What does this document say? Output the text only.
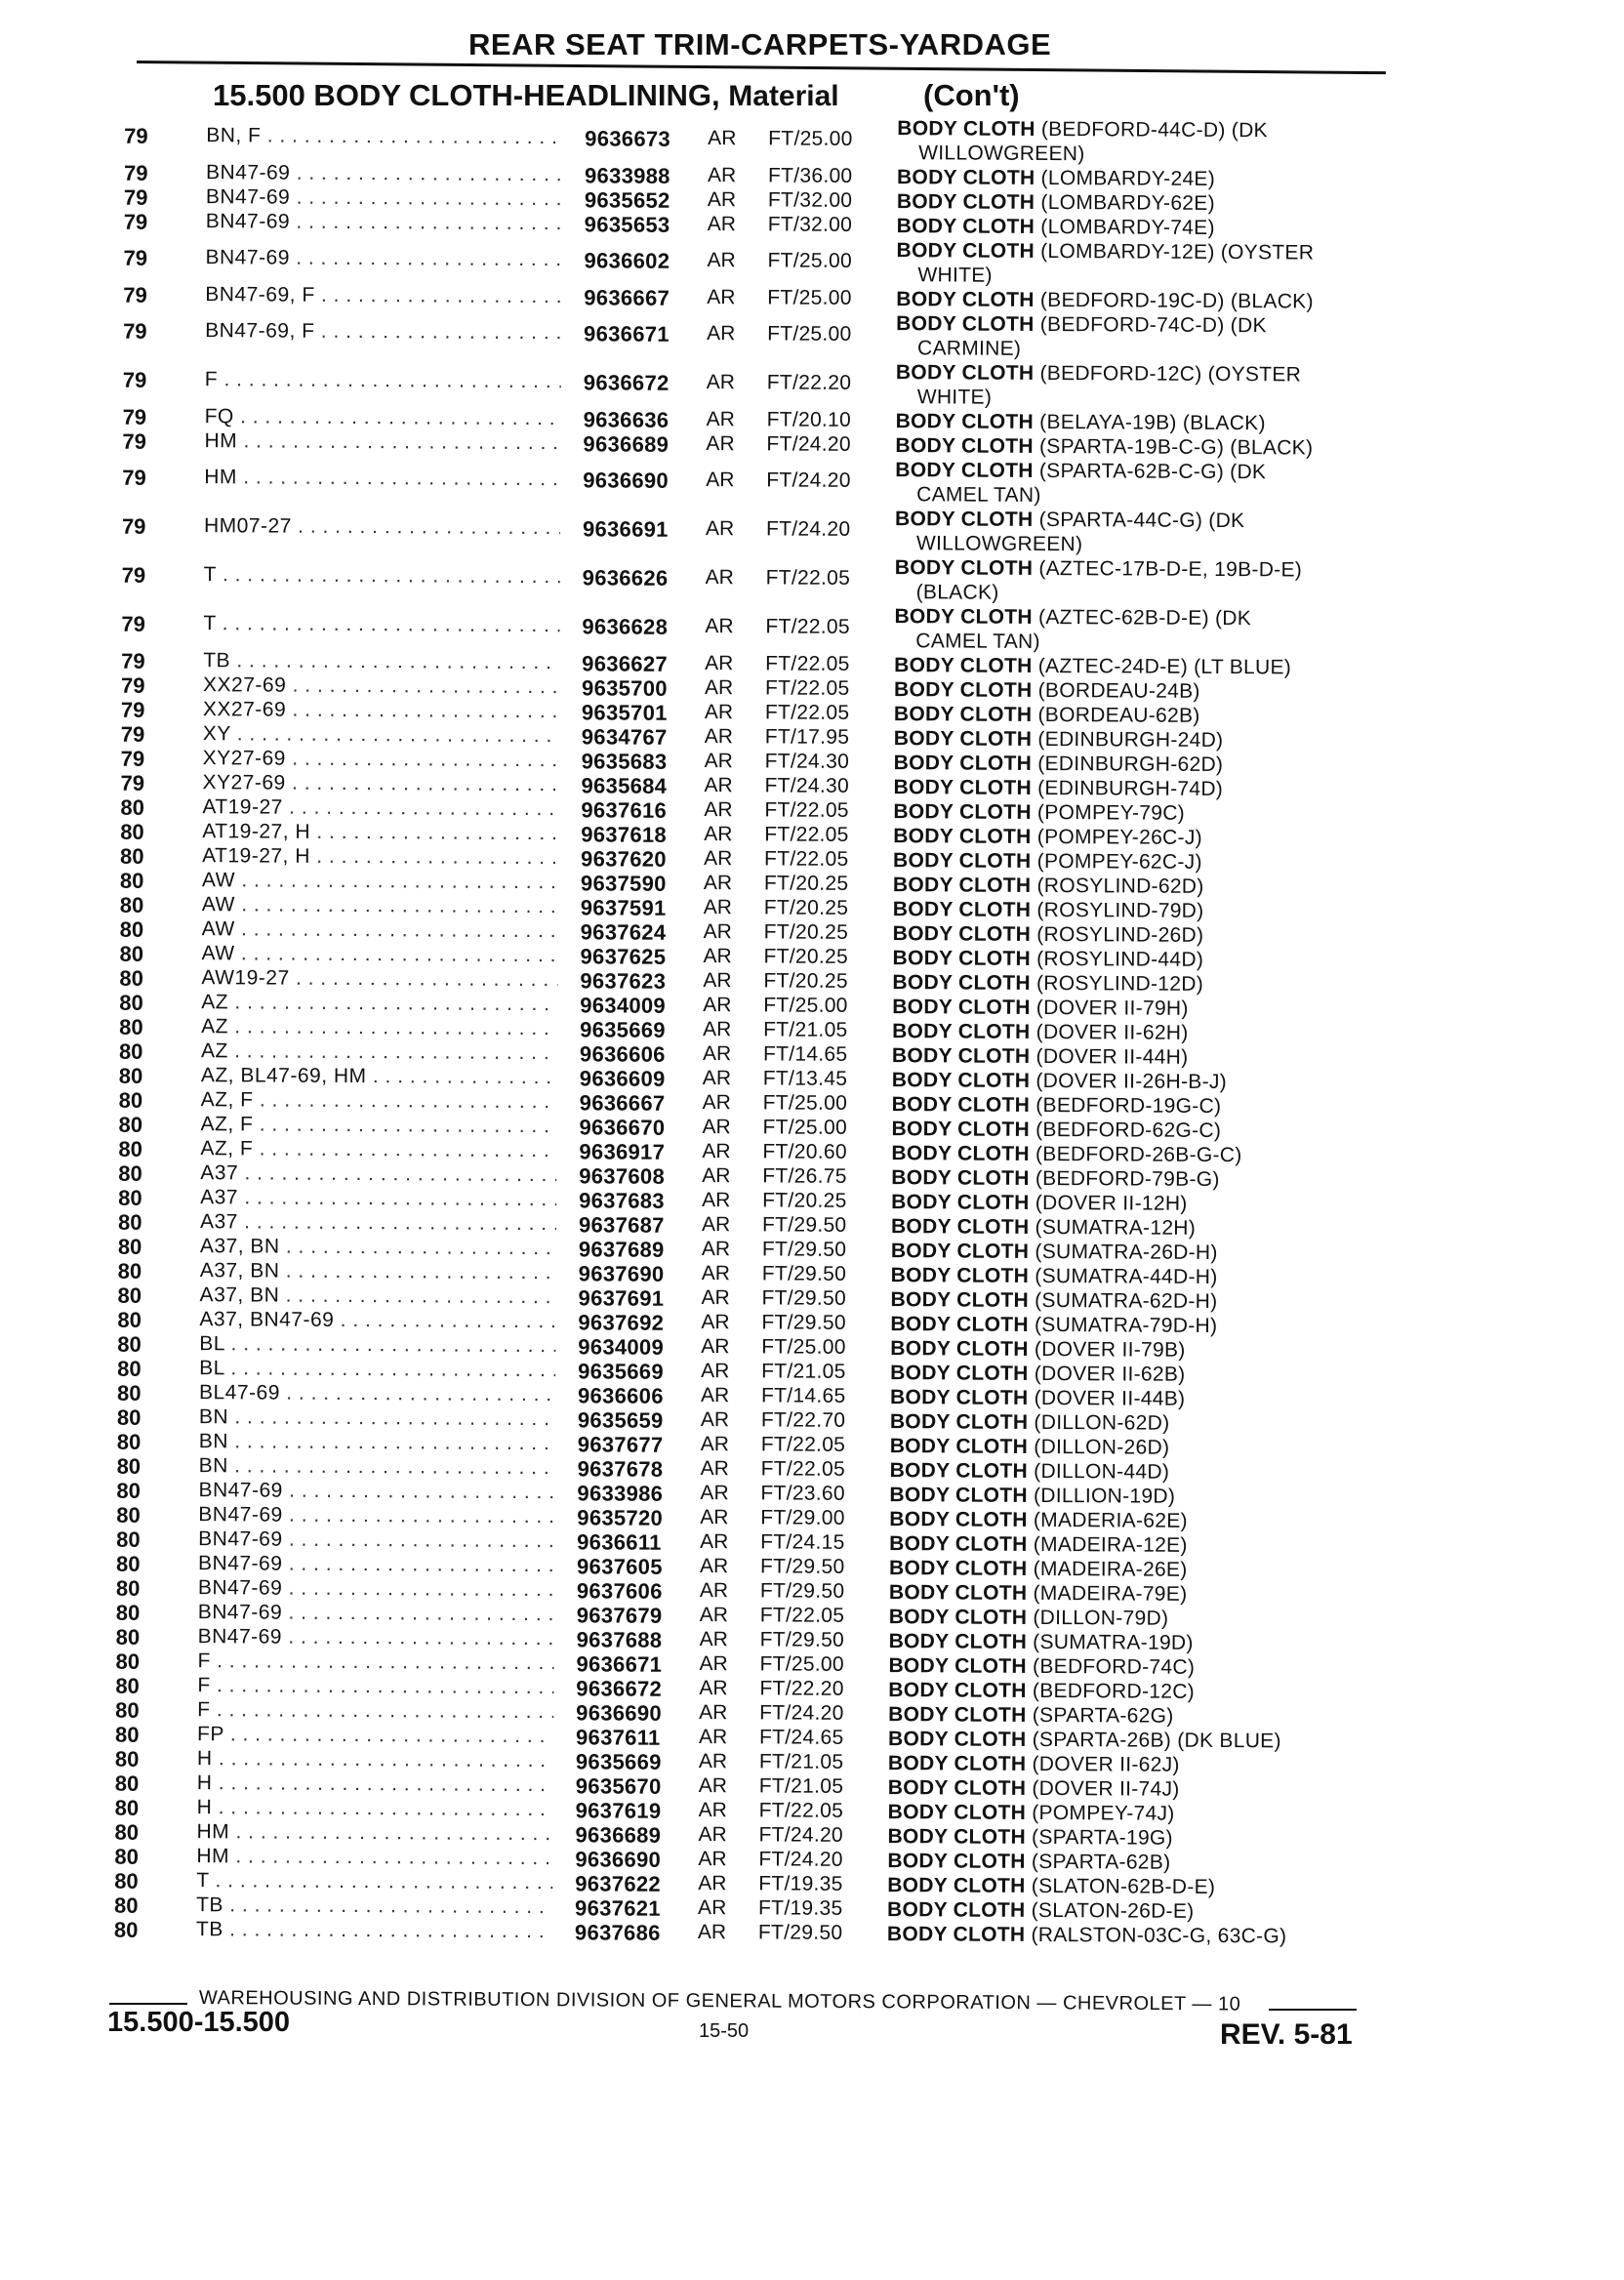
REAR SEAT TRIM-CARPETS-YARDAGE
15.500 BODY CLOTH-HEADLINING, Material	(Con't)
79	BN, F . . .	9636673 AR FT/25.00 BODY CLOTH (BEDFORD-44C-D) (DK
WILLOWGREEN)
79	BN47-69 . . .	9633988 AR FT/36.00 BODY CLOTH (LOMBARDY-24E)
79	BN47-69 . . .	9635652 AR FT/32.00 BODY CLOTH (LOMBARDY-62E)
79	BN47-69 . . .	9635653 AR FT/32.00 BODY CLOTH (LOMBARDY-74E)
79	BN47-69 . . .	9636602 AR FT/25.00 BODY CLOTH (LOMBARDY-12E) (OYSTER
WHITE)
79	BN47-69, F . . .	9636667 AR FT/25.00 BODY CLOTH (BEDFORD-19C-D) (BLACK)
79	BN47-69, F . . .	9636671 AR FT/25.00 BODY CLOTH (BEDFORD-74C-D) (DK
CARMINE)
79	F . . .	9636672 AR FT/22.20 BODY CLOTH (BEDFORD-12C) (OYSTER
WHITE)
79	FQ . . .	9636636 AR FT/20.10 BODY CLOTH (BELAYA-19B) (BLACK)
79	HM . . .	9636689 AR FT/24.20 BODY CLOTH (SPARTA-19B-C-G) (BLACK)
79	HM . . .	9636690 AR FT/24.20 BODY CLOTH (SPARTA-62B-C-G) (DK
CAMEL TAN)
79	HM07-27 . . .	9636691 AR FT/24.20 BODY CLOTH (SPARTA-44C-G) (DK
WILLOWGREEN)
79	T . . .	9636626 AR FT/22.05 BODY CLOTH (AZTEC-17B-D-E, 19B-D-E)
(BLACK)
79	T . . .	9636628 AR FT/22.05 BODY CLOTH (AZTEC-62B-D-E) (DK
CAMEL TAN)
79	TB . . .	9636627 AR FT/22.05 BODY CLOTH (AZTEC-24D-E) (LT BLUE)
79	XX27-69 . . .	9635700 AR FT/22.05 BODY CLOTH (BORDEAU-24B)
79	XX27-69 . . .	9635701 AR FT/22.05 BODY CLOTH (BORDEAU-62B)
79	XY . . .	9634767 AR FT/17.95 BODY CLOTH (EDINBURGH-24D)
79	XY27-69 . . .	9635683 AR FT/24.30 BODY CLOTH (EDINBURGH-62D)
79	XY27-69 . . .	9635684 AR FT/24.30 BODY CLOTH (EDINBURGH-74D)
80	AT19-27 . . .	9637616 AR FT/22.05 BODY CLOTH (POMPEY-79C)
80	AT19-27, H . . .	9637618 AR FT/22.05 BODY CLOTH (POMPEY-26C-J)
80	AT19-27, H . . .	9637620 AR FT/22.05 BODY CLOTH (POMPEY-62C-J)
80	AW . . .	9637590 AR FT/20.25 BODY CLOTH (ROSYLIND-62D)
80	AW . . .	9637591 AR FT/20.25 BODY CLOTH (ROSYLIND-79D)
80	AW . . .	9637624 AR FT/20.25 BODY CLOTH (ROSYLIND-26D)
80	AW . . .	9637625 AR FT/20.25 BODY CLOTH (ROSYLIND-44D)
80	AW19-27 . . .	9637623 AR FT/20.25 BODY CLOTH (ROSYLIND-12D)
80	AZ . . .	9634009 AR FT/25.00 BODY CLOTH (DOVER II-79H)
80	AZ . . .	9635669 AR FT/21.05 BODY CLOTH (DOVER II-62H)
80	AZ . . .	9636606 AR FT/14.65 BODY CLOTH (DOVER II-44H)
80	AZ, BL47-69, HM . . .	9636609 AR FT/13.45 BODY CLOTH (DOVER II-26H-B-J)
80	AZ, F . . .	9636667 AR FT/25.00 BODY CLOTH (BEDFORD-19G-C)
80	AZ, F . . .	9636670 AR FT/25.00 BODY CLOTH (BEDFORD-62G-C)
80	AZ, F . . .	9636917 AR FT/20.60 BODY CLOTH (BEDFORD-26B-G-C)
80	A37 . . .	9637608 AR FT/26.75 BODY CLOTH (BEDFORD-79B-G)
80	A37 . . .	9637683 AR FT/20.25 BODY CLOTH (DOVER II-12H)
80	A37 . . .	9637687 AR FT/29.50 BODY CLOTH (SUMATRA-12H)
80	A37, BN . . .	9637689 AR FT/29.50 BODY CLOTH (SUMATRA-26D-H)
80	A37, BN . . .	9637690 AR FT/29.50 BODY CLOTH (SUMATRA-44D-H)
80	A37, BN . . .	9637691 AR FT/29.50 BODY CLOTH (SUMATRA-62D-H)
80	A37, BN47-69 . . .	9637692 AR FT/29.50 BODY CLOTH (SUMATRA-79D-H)
80	BL . . .	9634009 AR FT/25.00 BODY CLOTH (DOVER II-79B)
80	BL . . .	9635669 AR FT/21.05 BODY CLOTH (DOVER II-62B)
80	BL47-69 . . .	9636606 AR FT/14.65 BODY CLOTH (DOVER II-44B)
80	BN . . .	9635659 AR FT/22.70 BODY CLOTH (DILLON-62D)
80	BN . . .	9637677 AR FT/22.05 BODY CLOTH (DILLON-26D)
80	BN . . .	9637678 AR FT/22.05 BODY CLOTH (DILLON-44D)
80	BN47-69 . . .	9633986 AR FT/23.60 BODY CLOTH (DILLION-19D)
80	BN47-69 . . .	9635720 AR FT/29.00 BODY CLOTH (MADERIA-62E)
80	BN47-69 . . .	9636611 AR FT/24.15 BODY CLOTH (MADEIRA-12E)
80	BN47-69 . . .	9637605 AR FT/29.50 BODY CLOTH (MADEIRA-26E)
80	BN47-69 . . .	9637606 AR FT/29.50 BODY CLOTH (MADEIRA-79E)
80	BN47-69 . . .	9637679 AR FT/22.05 BODY CLOTH (DILLON-79D)
80	BN47-69 . . .	9637688 AR FT/29.50 BODY CLOTH (SUMATRA-19D)
80	F . . .	9636671 AR FT/25.00 BODY CLOTH (BEDFORD-74C)
80	F . . .	9636672 AR FT/22.20 BODY CLOTH (BEDFORD-12C)
80	F . . .	9636690 AR FT/24.20 BODY CLOTH (SPARTA-62G)
80	FP . . .	9637611 AR FT/24.65 BODY CLOTH (SPARTA-26B) (DK BLUE)
80	H . . .	9635669 AR FT/21.05 BODY CLOTH (DOVER II-62J)
80	H . . .	9635670 AR FT/21.05 BODY CLOTH (DOVER II-74J)
80	H . . .	9637619 AR FT/22.05 BODY CLOTH (POMPEY-74J)
80	HM . . .	9636689 AR FT/24.20 BODY CLOTH (SPARTA-19G)
80	HM . . .	9636690 AR FT/24.20 BODY CLOTH (SPARTA-62B)
80	T . . .	9637622 AR FT/19.35 BODY CLOTH (SLATON-62B-D-E)
80	TB . . .	9637621 AR FT/19.35 BODY CLOTH (SLATON-26D-E)
80	TB . . .	9637686 AR FT/29.50 BODY CLOTH (RALSTON-03C-G, 63C-G)
WAREHOUSING AND DISTRIBUTION DIVISION OF GENERAL MOTORS CORPORATION — CHEVROLET — 10
15.500-15.500	15-50	REV. 5-81
